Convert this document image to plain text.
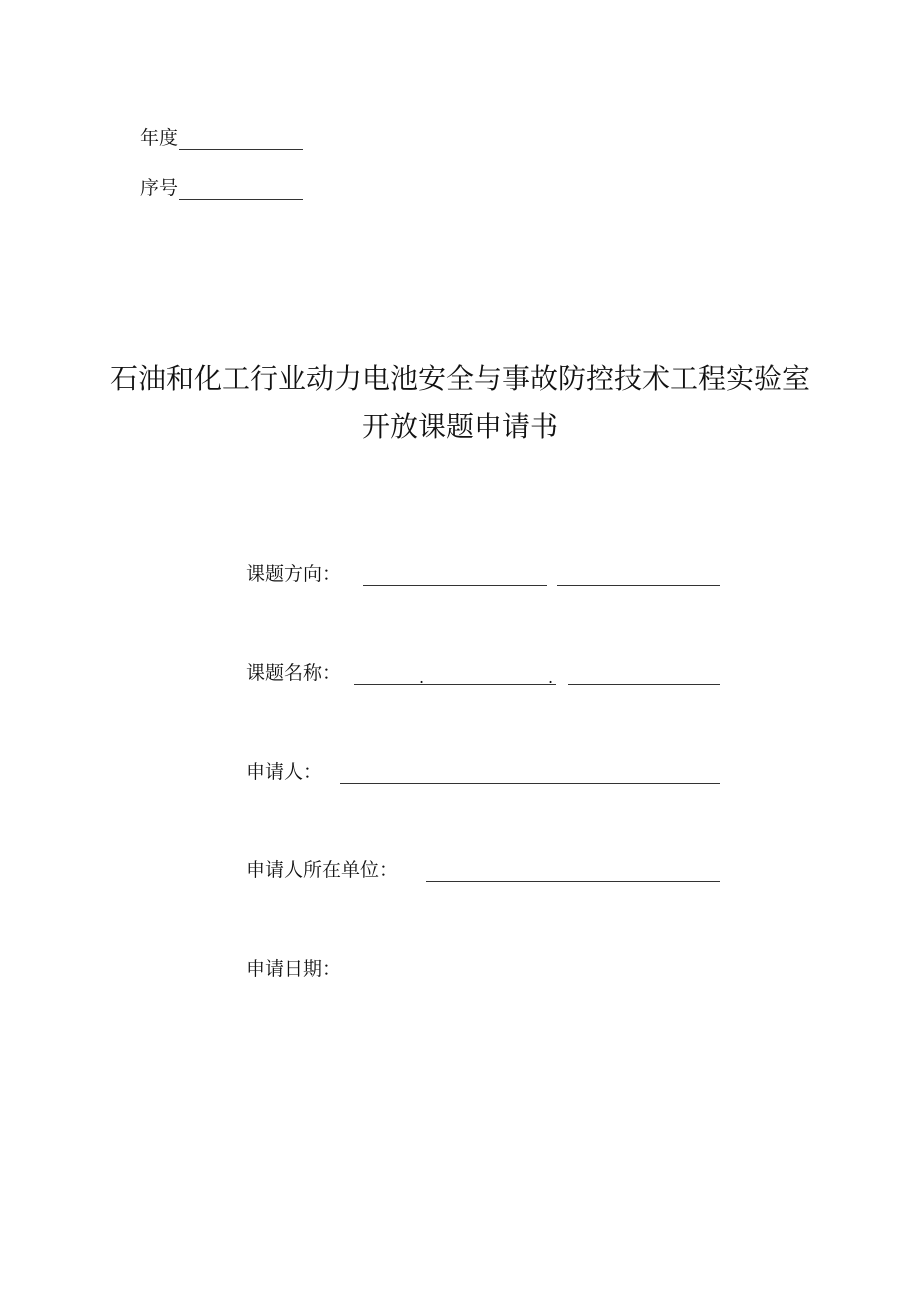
年度
序号
石油和化工行业动力电池安全与事故防控技术工程实验室
开放课题申请书
课题方向：
课题名称：	.	.
申请人：
申请人所在单位：
申请日期：
